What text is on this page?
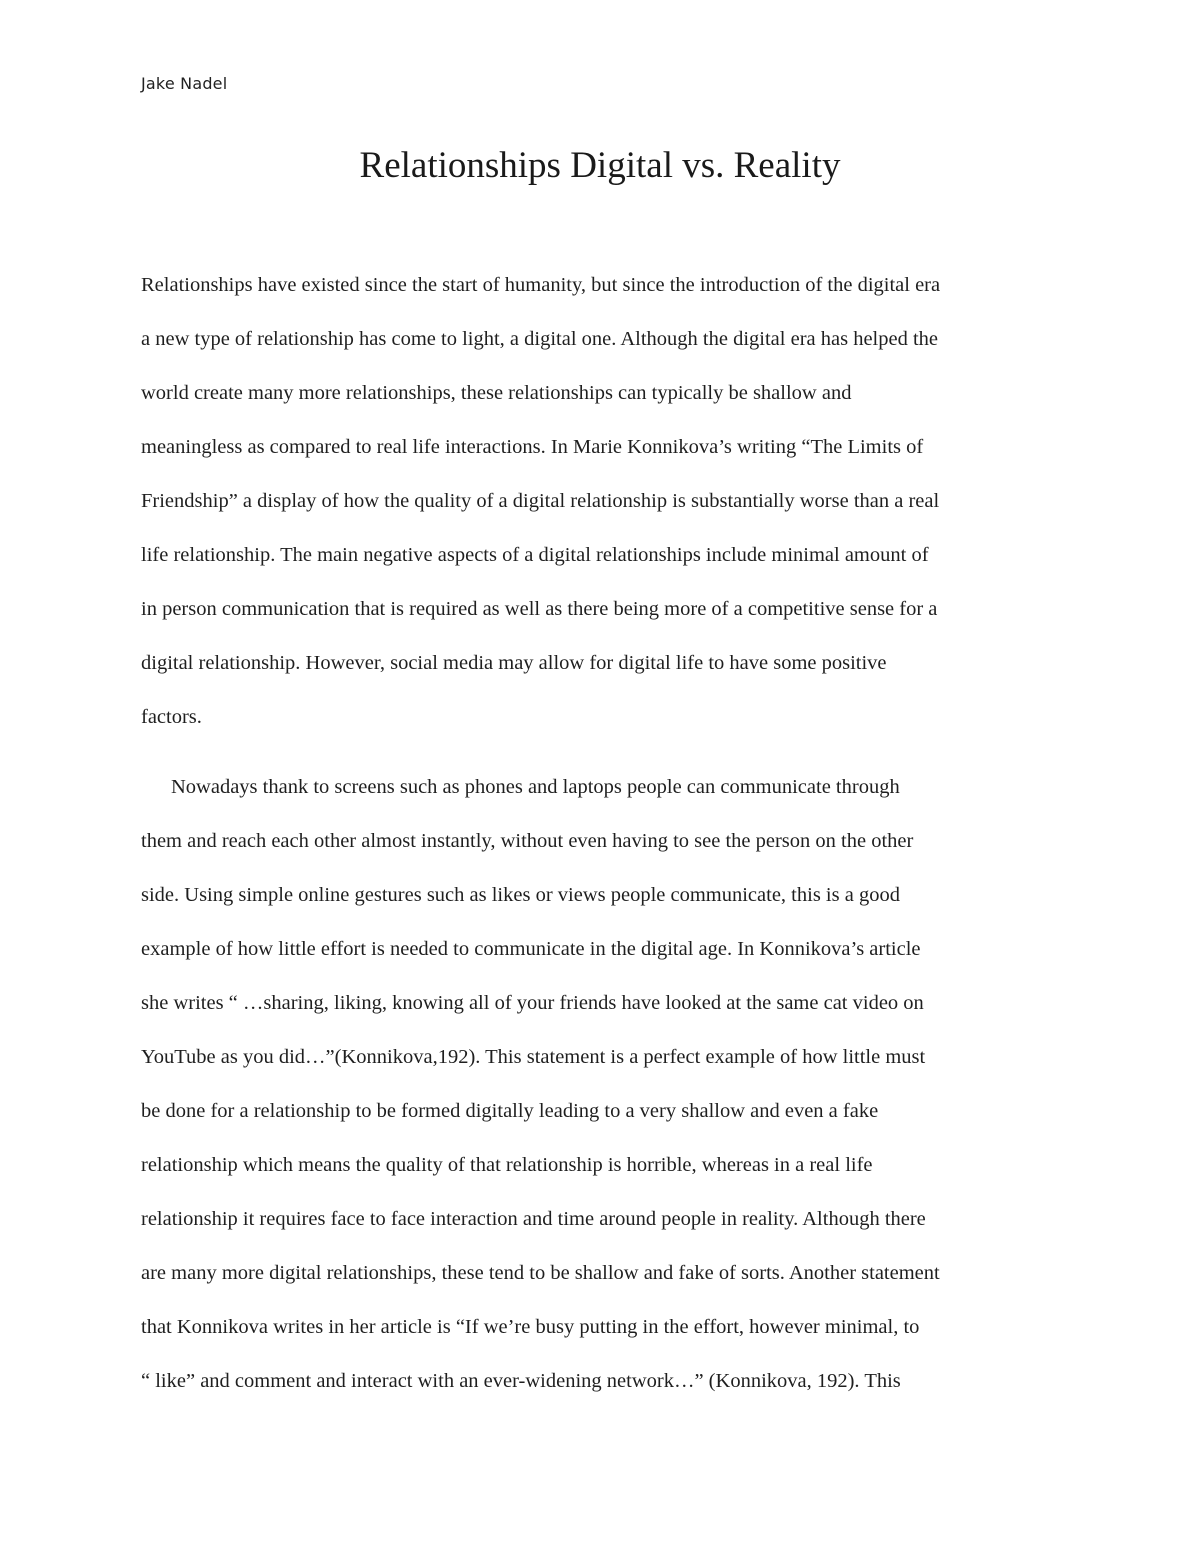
Jake Nadel
Relationships Digital vs. Reality
Relationships have existed since the start of humanity, but since the introduction of the digital era
a new type of relationship has come to light, a digital one. Although the digital era has helped the
world create many more relationships, these relationships can typically be shallow and
meaningless as compared to real life interactions. In Marie Konnikova’s writing “The Limits of
Friendship” a display of how the quality of a digital relationship is substantially worse than a real
life relationship. The main negative aspects of a digital relationships include minimal amount of
in person communication that is required as well as there being more of a competitive sense for a
digital relationship. However, social media may allow for digital life to have some positive
factors.
Nowadays thank to screens such as phones and laptops people can communicate through
them and reach each other almost instantly, without even having to see the person on the other
side. Using simple online gestures such as likes or views people communicate, this is a good
example of how little effort is needed to communicate in the digital age. In Konnikova’s article
she writes “ …sharing, liking, knowing all of your friends have looked at the same cat video on
YouTube as you did…”(Konnikova,192). This statement is a perfect example of how little must
be done for a relationship to be formed digitally leading to a very shallow and even a fake
relationship which means the quality of that relationship is horrible, whereas in a real life
relationship it requires face to face interaction and time around people in reality. Although there
are many more digital relationships, these tend to be shallow and fake of sorts. Another statement
that Konnikova writes in her article is “If we’re busy putting in the effort, however minimal, to
“ like” and comment and interact with an ever-widening network…” (Konnikova, 192). This
